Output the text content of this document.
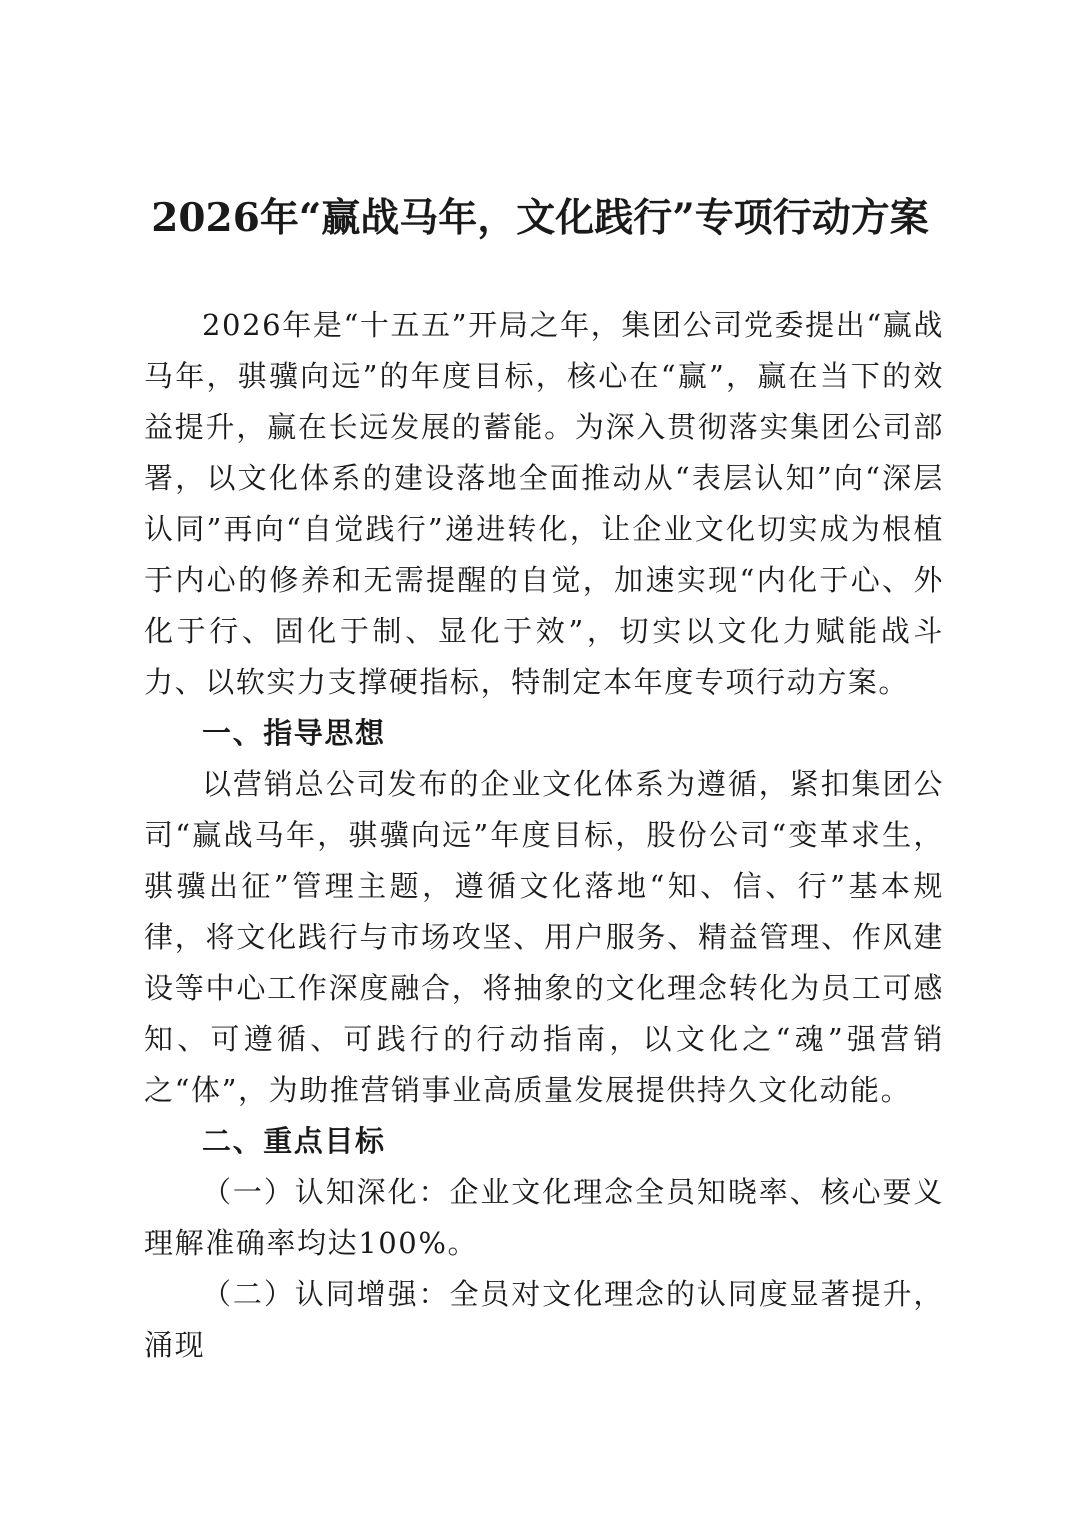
2026年“赢战马年，文化践行”专项行动方案

2026年是“十五五”开局之年，集团公司党委提出“赢战马年，骐骥向远”的年度目标，核心在“赢”，赢在当下的效益提升，赢在长远发展的蓄能。为深入贯彻落实集团公司部署，以文化体系的建设落地全面推动从“表层认知”向“深层认同”再向“自觉践行”递进转化，让企业文化切实成为根植于内心的修养和无需提醒的自觉，加速实现“内化于心、外化于行、固化于制、显化于效”，切实以文化力赋能战斗力、以软实力支撑硬指标，特制定本年度专项行动方案。

一、指导思想

以营销总公司发布的企业文化体系为遵循，紧扣集团公司“赢战马年，骐骥向远”年度目标，股份公司“变革求生，骐骥出征”管理主题，遵循文化落地“知、信、行”基本规律，将文化践行与市场攻坚、用户服务、精益管理、作风建设等中心工作深度融合，将抽象的文化理念转化为员工可感知、可遵循、可践行的行动指南，以文化之“魂”强营销之“体”，为助推营销事业高质量发展提供持久文化动能。

二、重点目标

（一）认知深化：企业文化理念全员知晓率、核心要义理解准确率均达100%。

（二）认同增强：全员对文化理念的认同度显著提升，涌现
